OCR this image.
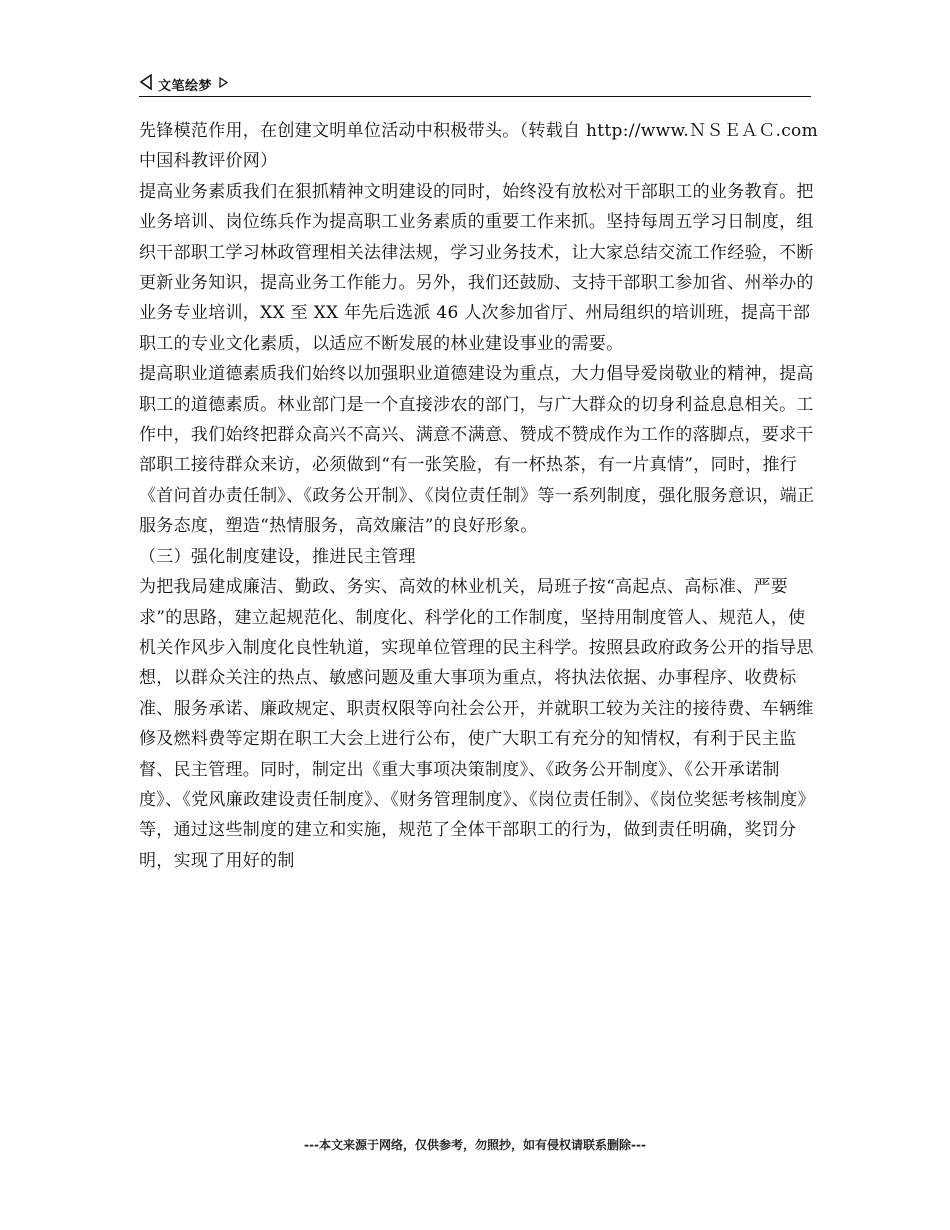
文笔绘梦

先锋模范作用，在创建文明单位活动中积极带头。（转载自 http://www.ＮＳＥＡＣ.com 中国科教评价网）

提高业务素质我们在狠抓精神文明建设的同时，始终没有放松对干部职工的业务教育。把业务培训、岗位练兵作为提高职工业务素质的重要工作来抓。坚持每周五学习日制度，组织干部职工学习林政管理相关法律法规，学习业务技术，让大家总结交流工作经验，不断更新业务知识，提高业务工作能力。另外，我们还鼓励、支持干部职工参加省、州举办的业务专业培训，XX 至 XX 年先后选派 46 人次参加省厅、州局组织的培训班，提高干部职工的专业文化素质，以适应不断发展的林业建设事业的需要。

提高职业道德素质我们始终以加强职业道德建设为重点，大力倡导爱岗敬业的精神，提高职工的道德素质。林业部门是一个直接涉农的部门，与广大群众的切身利益息息相关。工作中，我们始终把群众高兴不高兴、满意不满意、赞成不赞成作为工作的落脚点，要求干部职工接待群众来访，必须做到“有一张笑脸，有一杯热茶，有一片真情”，同时，推行《首问首办责任制》、《政务公开制》、《岗位责任制》等一系列制度，强化服务意识，端正服务态度，塑造“热情服务，高效廉洁”的良好形象。

（三）强化制度建设，推进民主管理

为把我局建成廉洁、勤政、务实、高效的林业机关，局班子按“高起点、高标准、严要求”的思路，建立起规范化、制度化、科学化的工作制度，坚持用制度管人、规范人，使机关作风步入制度化良性轨道，实现单位管理的民主科学。按照县政府政务公开的指导思想，以群众关注的热点、敏感问题及重大事项为重点，将执法依据、办事程序、收费标准、服务承诺、廉政规定、职责权限等向社会公开，并就职工较为关注的接待费、车辆维修及燃料费等定期在职工大会上进行公布，使广大职工有充分的知情权，有利于民主监督、民主管理。同时，制定出《重大事项决策制度》、《政务公开制度》、《公开承诺制度》、《党风廉政建设责任制度》、《财务管理制度》、《岗位责任制》、《岗位奖惩考核制度》等，通过这些制度的建立和实施，规范了全体干部职工的行为，做到责任明确，奖罚分明，实现了用好的制

---本文来源于网络，仅供参考，勿照抄，如有侵权请联系删除---
